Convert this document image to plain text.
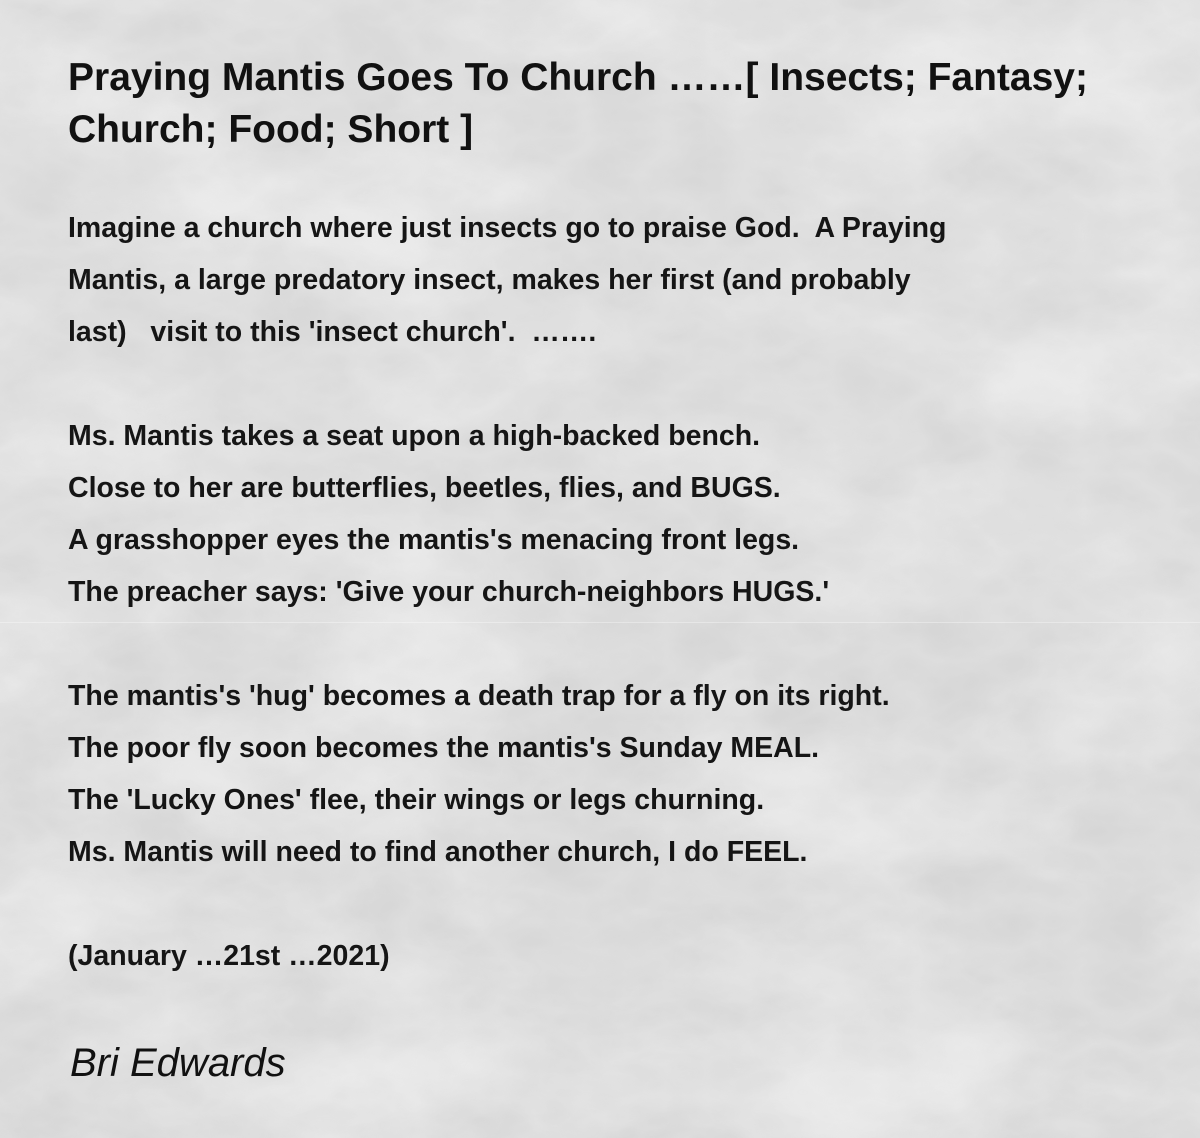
Praying Mantis Goes To Church ……[ Insects; Fantasy; Church; Food; Short ]
Imagine a church where just insects go to praise God.  A Praying
Mantis, a large predatory insect, makes her first (and probably
last)   visit to this 'insect church'.  …….
Ms. Mantis takes a seat upon a high-backed bench.
Close to her are butterflies, beetles, flies, and BUGS.
A grasshopper eyes the mantis's menacing front legs.
The preacher says: 'Give your church-neighbors HUGS.'
The mantis's 'hug' becomes a death trap for a fly on its right.
The poor fly soon becomes the mantis's Sunday MEAL.
The 'Lucky Ones' flee, their wings or legs churning.
Ms. Mantis will need to find another church, I do FEEL.
(January …21st …2021)
Bri Edwards
